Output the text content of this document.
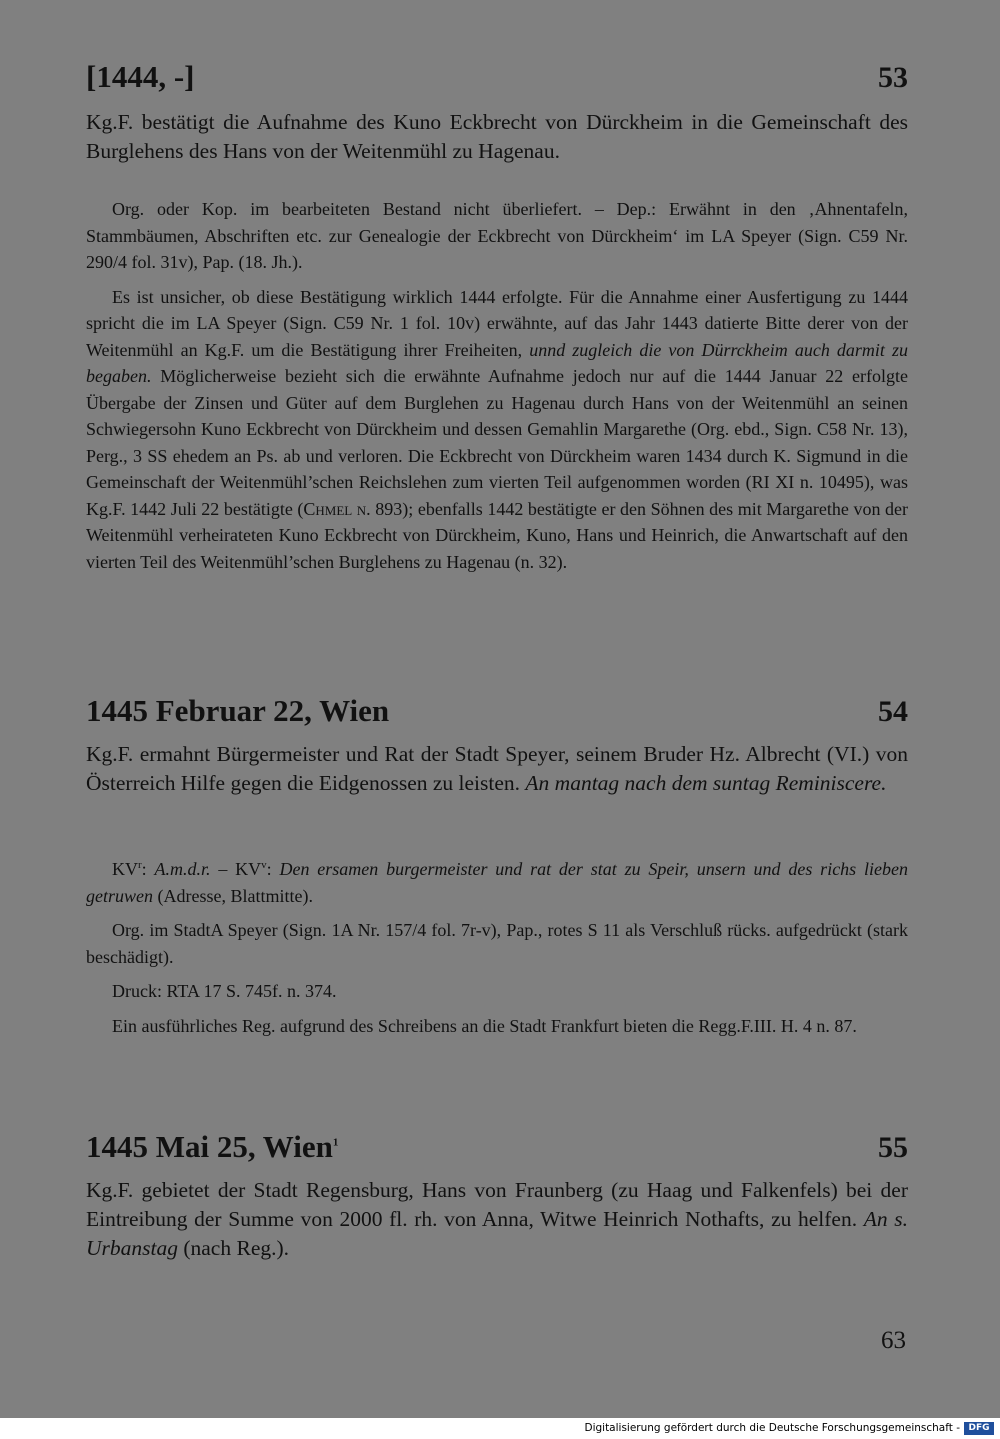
[1444, -]	53

Kg.F. bestätigt die Aufnahme des Kuno Eckbrecht von Dürckheim in die Gemeinschaft des Burglehens des Hans von der Weitenmühl zu Hagenau.

Org. oder Kop. im bearbeiteten Bestand nicht überliefert. – Dep.: Erwähnt in den ‚Ahnentafeln, Stammbäumen, Abschriften etc. zur Genealogie der Eckbrecht von Dürckheim‘ im LA Speyer (Sign. C59 Nr. 290/4 fol. 31v), Pap. (18. Jh.).

Es ist unsicher, ob diese Bestätigung wirklich 1444 erfolgte. Für die Annahme einer Ausfertigung zu 1444 spricht die im LA Speyer (Sign. C59 Nr. 1 fol. 10v) erwähnte, auf das Jahr 1443 datierte Bitte derer von der Weitenmühl an Kg.F. um die Bestätigung ihrer Freiheiten, unnd zugleich die von Dürrckheim auch darmit zu begaben. Möglicherweise bezieht sich die erwähnte Aufnahme jedoch nur auf die 1444 Januar 22 erfolgte Übergabe der Zinsen und Güter auf dem Burglehen zu Hagenau durch Hans von der Weitenmühl an seinen Schwiegersohn Kuno Eckbrecht von Dürckheim und dessen Gemahlin Margarethe (Org. ebd., Sign. C58 Nr. 13), Perg., 3 SS ehedem an Ps. ab und verloren. Die Eckbrecht von Dürckheim waren 1434 durch K. Sigmund in die Gemeinschaft der Weitenmühl’schen Reichslehen zum vierten Teil aufgenommen worden (RI XI n. 10495), was Kg.F. 1442 Juli 22 bestätigte (Chmel n. 893); ebenfalls 1442 bestätigte er den Söhnen des mit Margarethe von der Weitenmühl verheirateten Kuno Eckbrecht von Dürckheim, Kuno, Hans und Heinrich, die Anwartschaft auf den vierten Teil des Weitenmühl’schen Burglehens zu Hagenau (n. 32).

1445 Februar 22, Wien	54

Kg.F. ermahnt Bürgermeister und Rat der Stadt Speyer, seinem Bruder Hz. Albrecht (VI.) von Österreich Hilfe gegen die Eidgenossen zu leisten. An mantag nach dem suntag Reminiscere.

$KV^r$: A.m.d.r. – $KV^v$: Den ersamen burgermeister und rat der stat zu Speir, unsern und des richs lieben getruwen (Adresse, Blattmitte).

Org. im StadtA Speyer (Sign. 1A Nr. 157/4 fol. 7r-v), Pap., rotes S 11 als Verschluß rücks. aufgedrückt (stark beschädigt).

Druck: RTA 17 S. 745f. n. 374.

Ein ausführliches Reg. aufgrund des Schreibens an die Stadt Frankfurt bieten die Regg.F.III. H. 4 n. 87.

1445 Mai 25, Wien$^1$	55

Kg.F. gebietet der Stadt Regensburg, Hans von Fraunberg (zu Haag und Falkenfels) bei der Eintreibung der Summe von 2000 fl. rh. von Anna, Witwe Heinrich Nothafts, zu helfen. An s. Urbanstag (nach Reg.).

63
Digitalisierung gefördert durch die Deutsche Forschungsgemeinschaft - DFG
